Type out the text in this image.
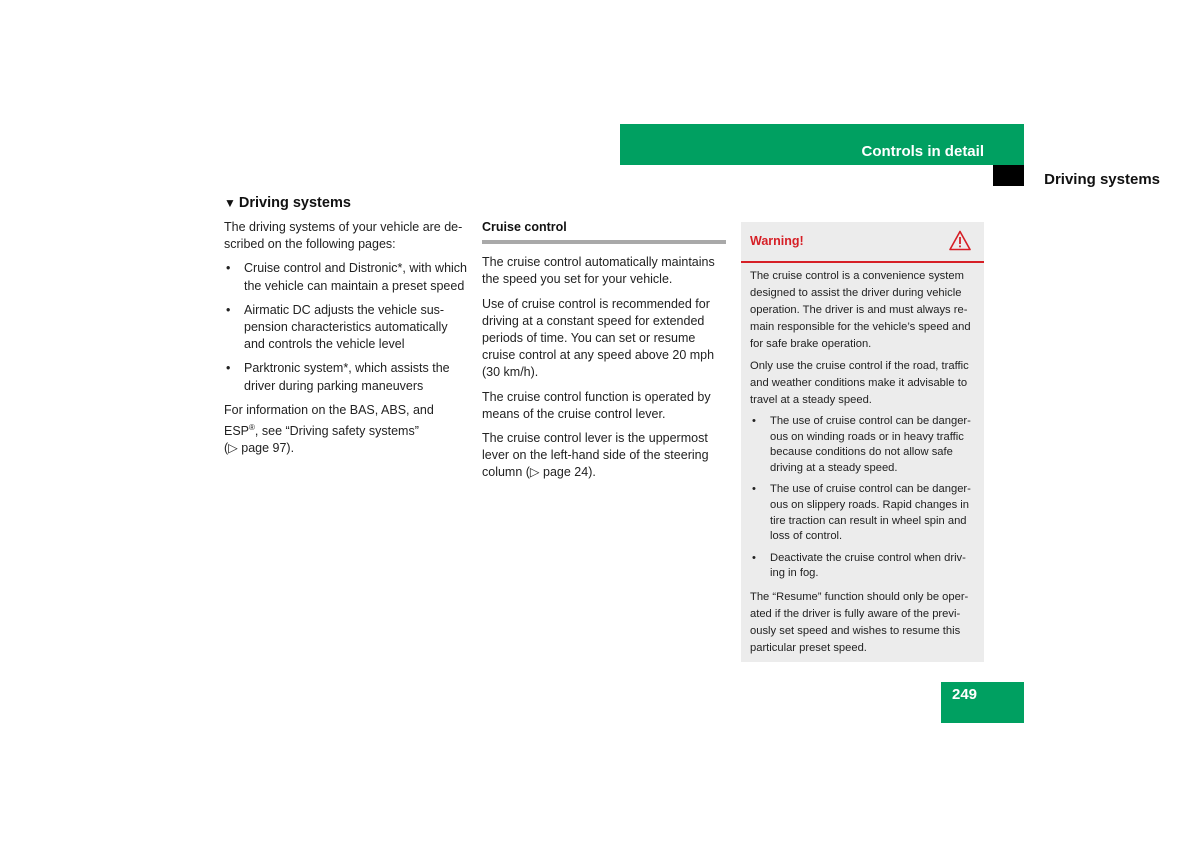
Controls in detail
Driving systems
▼ Driving systems

The driving systems of your vehicle are de-scribed on the following pages:

• Cruise control and Distronic*, with which the vehicle can maintain a preset speed
• Airmatic DC adjusts the vehicle sus-pension characteristics automatically and controls the vehicle level
• Parktronic system*, which assists the driver during parking maneuvers

For information on the BAS, ABS, and ESP®, see “Driving safety systems”
(▷ page 97).

Cruise control

The cruise control automatically maintains the speed you set for your vehicle.

Use of cruise control is recommended for driving at a constant speed for extended periods of time. You can set or resume cruise control at any speed above 20 mph (30 km/h).

The cruise control function is operated by means of the cruise control lever.

The cruise control lever is the uppermost lever on the left-hand side of the steering column (▷ page 24).

Warning!

The cruise control is a convenience system designed to assist the driver during vehicle operation. The driver is and must always re-main responsible for the vehicle’s speed and for safe brake operation.

Only use the cruise control if the road, traffic and weather conditions make it advisable to travel at a steady speed.

• The use of cruise control can be danger-ous on winding roads or in heavy traffic because conditions do not allow safe driving at a steady speed.
• The use of cruise control can be danger-ous on slippery roads. Rapid changes in tire traction can result in wheel spin and loss of control.
• Deactivate the cruise control when driv-ing in fog.

The “Resume” function should only be oper-ated if the driver is fully aware of the previ-ously set speed and wishes to resume this particular preset speed.

249
